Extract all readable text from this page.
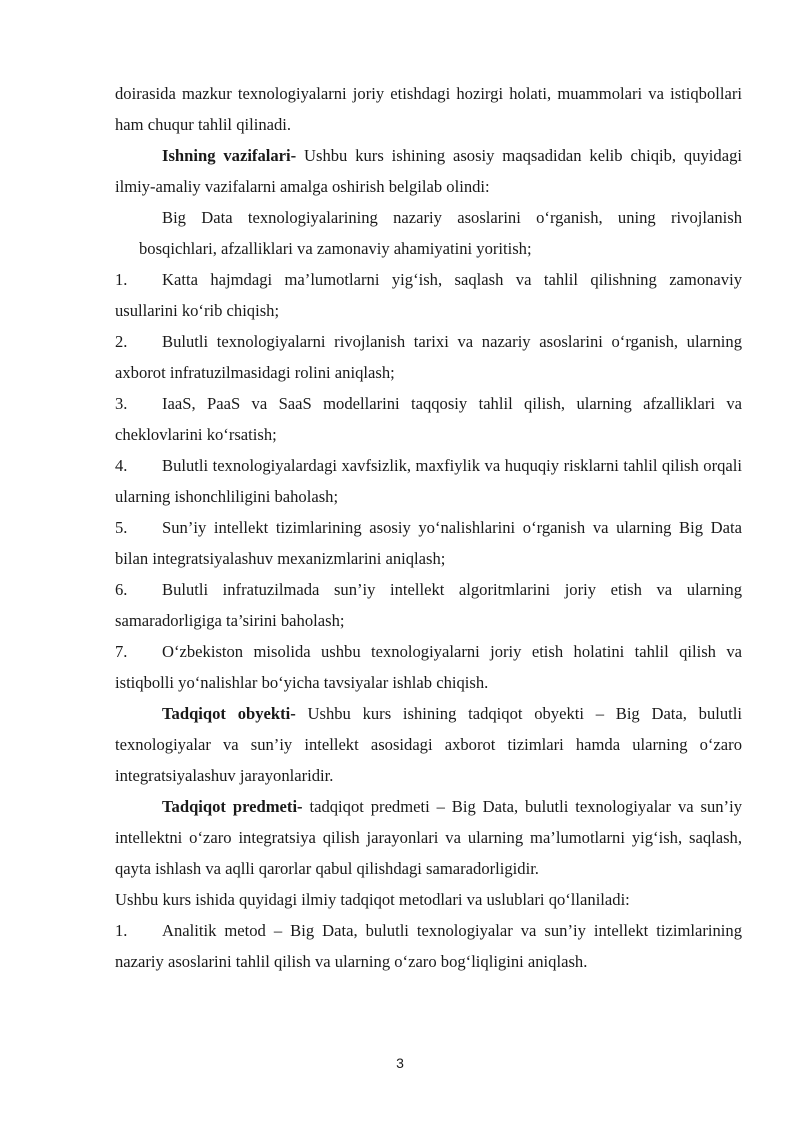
doirasida mazkur texnologiyalarni joriy etishdagi hozirgi holati, muammolari va istiqbollari ham chuqur tahlil qilinadi.

Ishning vazifalari- Ushbu kurs ishining asosiy maqsadidan kelib chiqib, quyidagi ilmiy-amaliy vazifalarni amalga oshirish belgilab olindi:

Big Data texnologiyalarining nazariy asoslarini o‘rganish, uning rivojlanish bosqichlari, afzalliklari va zamonaviy ahamiyatini yoritish;

1. Katta hajmdagi ma’lumotlarni yig‘ish, saqlash va tahlil qilishning zamonaviy usullarini ko‘rib chiqish;

2. Bulutli texnologiyalarni rivojlanish tarixi va nazariy asoslarini o‘rganish, ularning axborot infratuzilmasidagi rolini aniqlash;

3. IaaS, PaaS va SaaS modellarini taqqosiy tahlil qilish, ularning afzalliklari va cheklovlarini ko‘rsatish;

4. Bulutli texnologiyalardagi xavfsizlik, maxfiylik va huquqiy risklarni tahlil qilish orqali ularning ishonchliligini baholash;

5. Sun’iy intellekt tizimlarining asosiy yo‘nalishlarini o‘rganish va ularning Big Data bilan integratsiyalashuv mexanizmlarini aniqlash;

6. Bulutli infratuzilmada sun’iy intellekt algoritmlarini joriy etish va ularning samaradorligiga ta’sirini baholash;

7. O‘zbekiston misolida ushbu texnologiyalarni joriy etish holatini tahlil qilish va istiqbolli yo‘nalishlar bo‘yicha tavsiyalar ishlab chiqish.

Tadqiqot obyekti- Ushbu kurs ishining tadqiqot obyekti – Big Data, bulutli texnologiyalar va sun’iy intellekt asosidagi axborot tizimlari hamda ularning o‘zaro integratsiyalashuv jarayonlaridir.

Tadqiqot predmeti- tadqiqot predmeti – Big Data, bulutli texnologiyalar va sun’iy intellektni o‘zaro integratsiya qilish jarayonlari va ularning ma’lumotlarni yig‘ish, saqlash, qayta ishlash va aqlli qarorlar qabul qilishdagi samaradorligidir.

Ushbu kurs ishida quyidagi ilmiy tadqiqot metodlari va uslublari qo‘llaniladi:

1. Analitik metod – Big Data, bulutli texnologiyalar va sun’iy intellekt tizimlarining nazariy asoslarini tahlil qilish va ularning o‘zaro bog‘liqligini aniqlash.

3
